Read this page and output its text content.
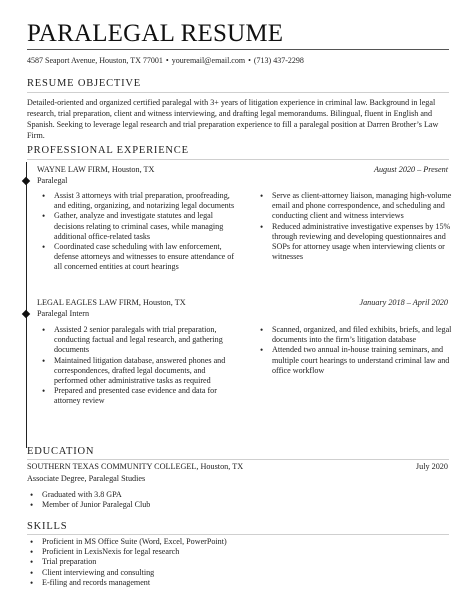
PARALEGAL RESUME
4587 Seaport Avenue, Houston, TX 77001 • youremail@email.com • (713) 437-2298
RESUME OBJECTIVE
Detailed-oriented and organized certified paralegal with 3+ years of litigation experience in criminal law. Background in legal research, trial preparation, client and witness interviewing, and drafting legal memorandums. Bilingual, fluent in English and Spanish. Seeking to leverage legal research and trial preparation experience to fill a paralegal position at Darren Brother’s Law Firm.
PROFESSIONAL EXPERIENCE
WAYNE LAW FIRM, Houston, TX
Paralegal
August 2020 – Present
• Assist 3 attorneys with trial preparation, proofreading, and editing, organizing, and notarizing legal documents
• Gather, analyze and investigate statutes and legal decisions relating to criminal cases, while managing additional office-related tasks
• Coordinated case scheduling with law enforcement, defense attorneys and witnesses to ensure attendance of all concerned entities at court hearings
• Serve as client-attorney liaison, managing high-volume email and phone correspondence, and scheduling and conducting client and witness interviews
• Reduced administrative investigative expenses by 15% through reviewing and developing questionnaires and SOPs for attorney usage when interviewing clients or witnesses
LEGAL EAGLES LAW FIRM, Houston, TX
Paralegal Intern
January 2018 – April 2020
• Assisted 2 senior paralegals with trial preparation, conducting factual and legal research, and gathering documents
• Maintained litigation database, answered phones and correspondences, drafted legal documents, and performed other administrative tasks as required
• Prepared and presented case evidence and data for attorney review
• Scanned, organized, and filed exhibits, briefs, and legal documents into the firm’s litigation database
• Attended two annual in-house training seminars, and multiple court hearings to understand criminal law and office workflow
EDUCATION
SOUTHERN TEXAS COMMUNITY COLLEGEL, Houston, TX	July 2020
Associate Degree, Paralegal Studies
• Graduated with 3.8 GPA
• Member of Junior Paralegal Club
SKILLS
• Proficient in MS Office Suite (Word, Excel, PowerPoint)
• Proficient in LexisNexis for legal research
• Trial preparation
• Client interviewing and consulting
• E-filing and records management
